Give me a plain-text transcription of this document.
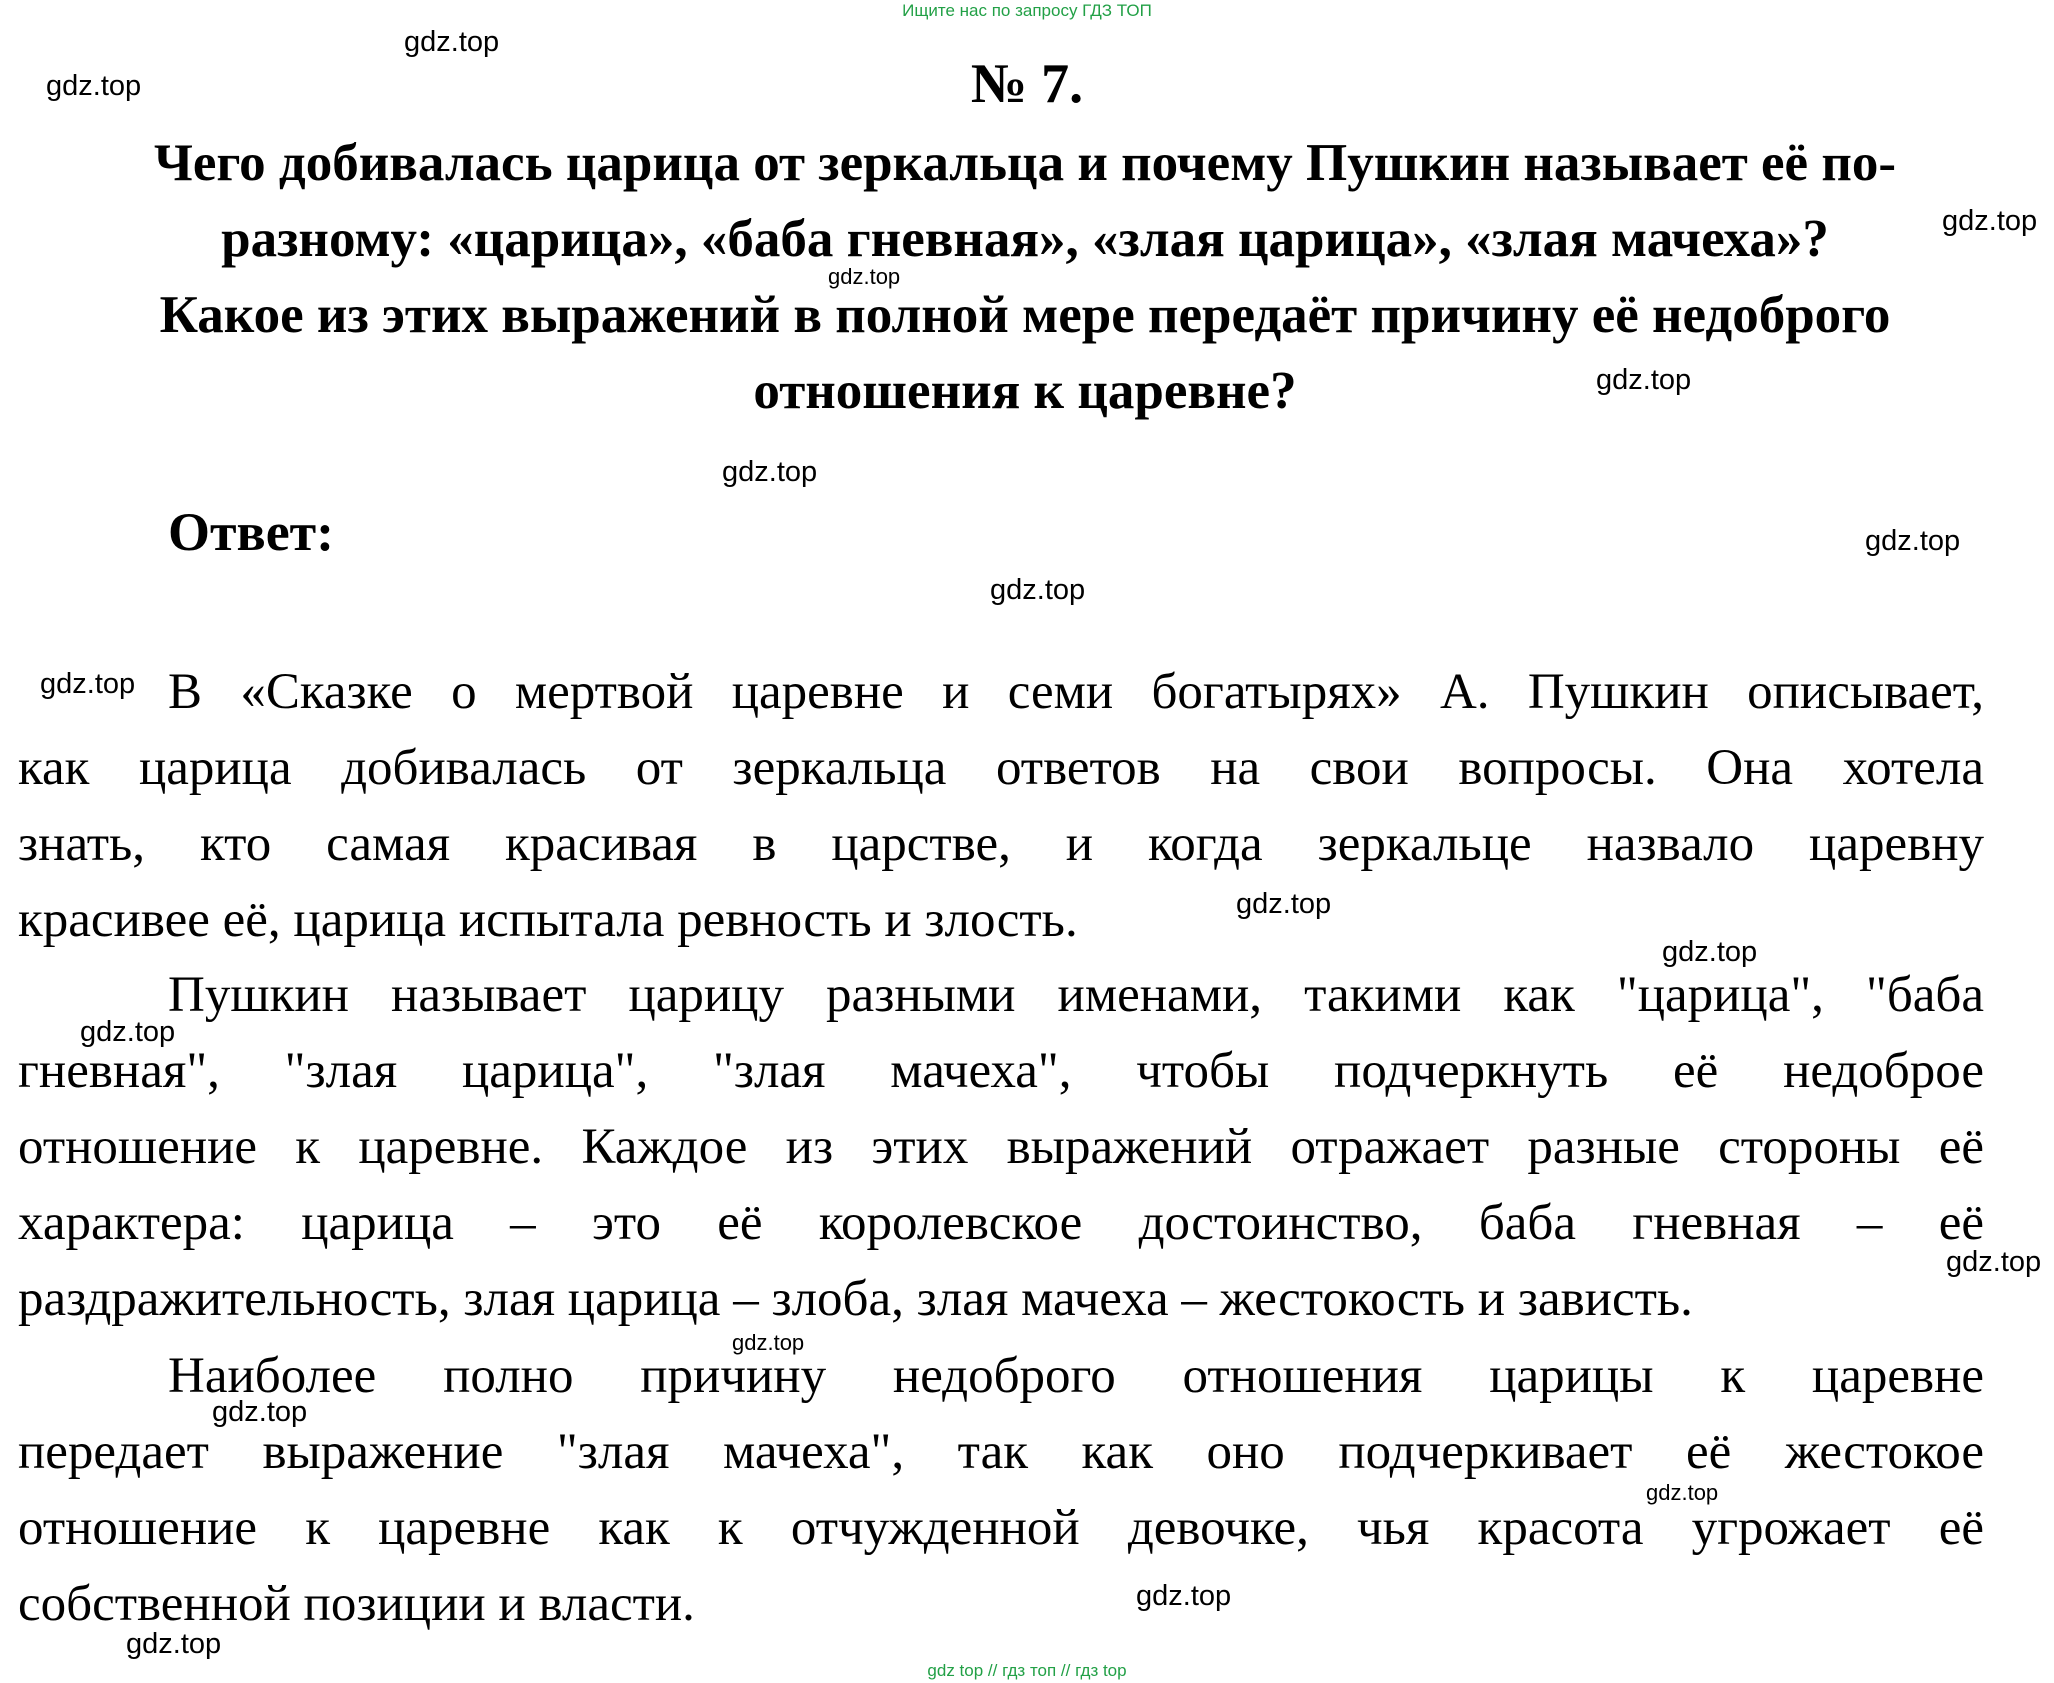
Ищите нас по запросу ГДЗ ТОП
№ 7.
Чего добивалась царица от зеркальца и почему Пушкин называет её по-
разному: «царица», «баба гневная», «злая царица», «злая мачеха»?
Какое из этих выражений в полной мере передаёт причину её недоброго
отношения к царевне?
Ответ:
В «Сказке о мертвой царевне и семи богатырях» А. Пушкин описывает,
как царица добивалась от зеркальца ответов на свои вопросы. Она хотела
знать, кто самая красивая в царстве, и когда зеркальце назвало царевну
красивее её, царица испытала ревность и злость.
Пушкин называет царицу разными именами, такими как "царица", "баба
гневная", "злая царица", "злая мачеха", чтобы подчеркнуть её недоброе
отношение к царевне. Каждое из этих выражений отражает разные стороны её
характера: царица – это её королевское достоинство, баба гневная – её
раздражительность, злая царица – злоба, злая мачеха – жестокость и зависть.
Наиболее полно причину недоброго отношения царицы к царевне
передает выражение "злая мачеха", так как оно подчеркивает её жестокое
отношение к царевне как к отчужденной девочке, чья красота угрожает её
собственной позиции и власти.
gdz.top
gdz.top
gdz.top
gdz.top
gdz.top
gdz.top
gdz.top
gdz.top
gdz.top
gdz.top
gdz.top
gdz.top
gdz.top
gdz.top
gdz.top
gdz.top
gdz.top
gdz.top
gdz top // гдз топ // гдз top
